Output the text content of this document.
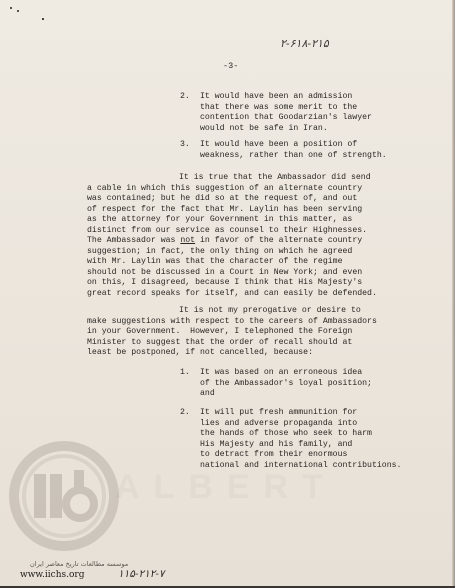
۲-۶۱۸-۲۱۵
-3-
2. It would have been an admission
that there was some merit to the
contention that Goodarzian's lawyer
would not be safe in Iran.
3. It would have been a position of
weakness, rather than one of strength.
It is true that the Ambassador did send
a cable in which this suggestion of an alternate country
was contained; but he did so at the request of, and out
of respect for the fact that Mr. Laylin has been serving
as the attorney for your Government in this matter, as
distinct from our service as counsel to their Highnesses.
The Ambassador was not in favor of the alternate country
suggestion; in fact, the only thing on which he agreed
with Mr. Laylin was that the character of the regime
should not be discussed in a Court in New York; and even
on this, I disagreed, because I think that His Majesty's
great record speaks for itself, and can easily be defended.
It is not my prerogative or desire to
make suggestions with respect to the careers of Ambassadors
in your Government.  However, I telephoned the Foreign
Minister to suggest that the order of recall should at
least be postponed, if not cancelled, because:
1. It was based on an erroneous idea
of the Ambassador's loyal position;
and
2. It will put fresh ammunition for
lies and adverse propaganda into
the hands of those who seek to harm
His Majesty and his family, and
to detract from their enormous
national and international contributions.
ALBERT
موسسه مطالعات تاریخ معاصر ایران
www.iichs.org	۱۱۵-۲۱۲-۷
